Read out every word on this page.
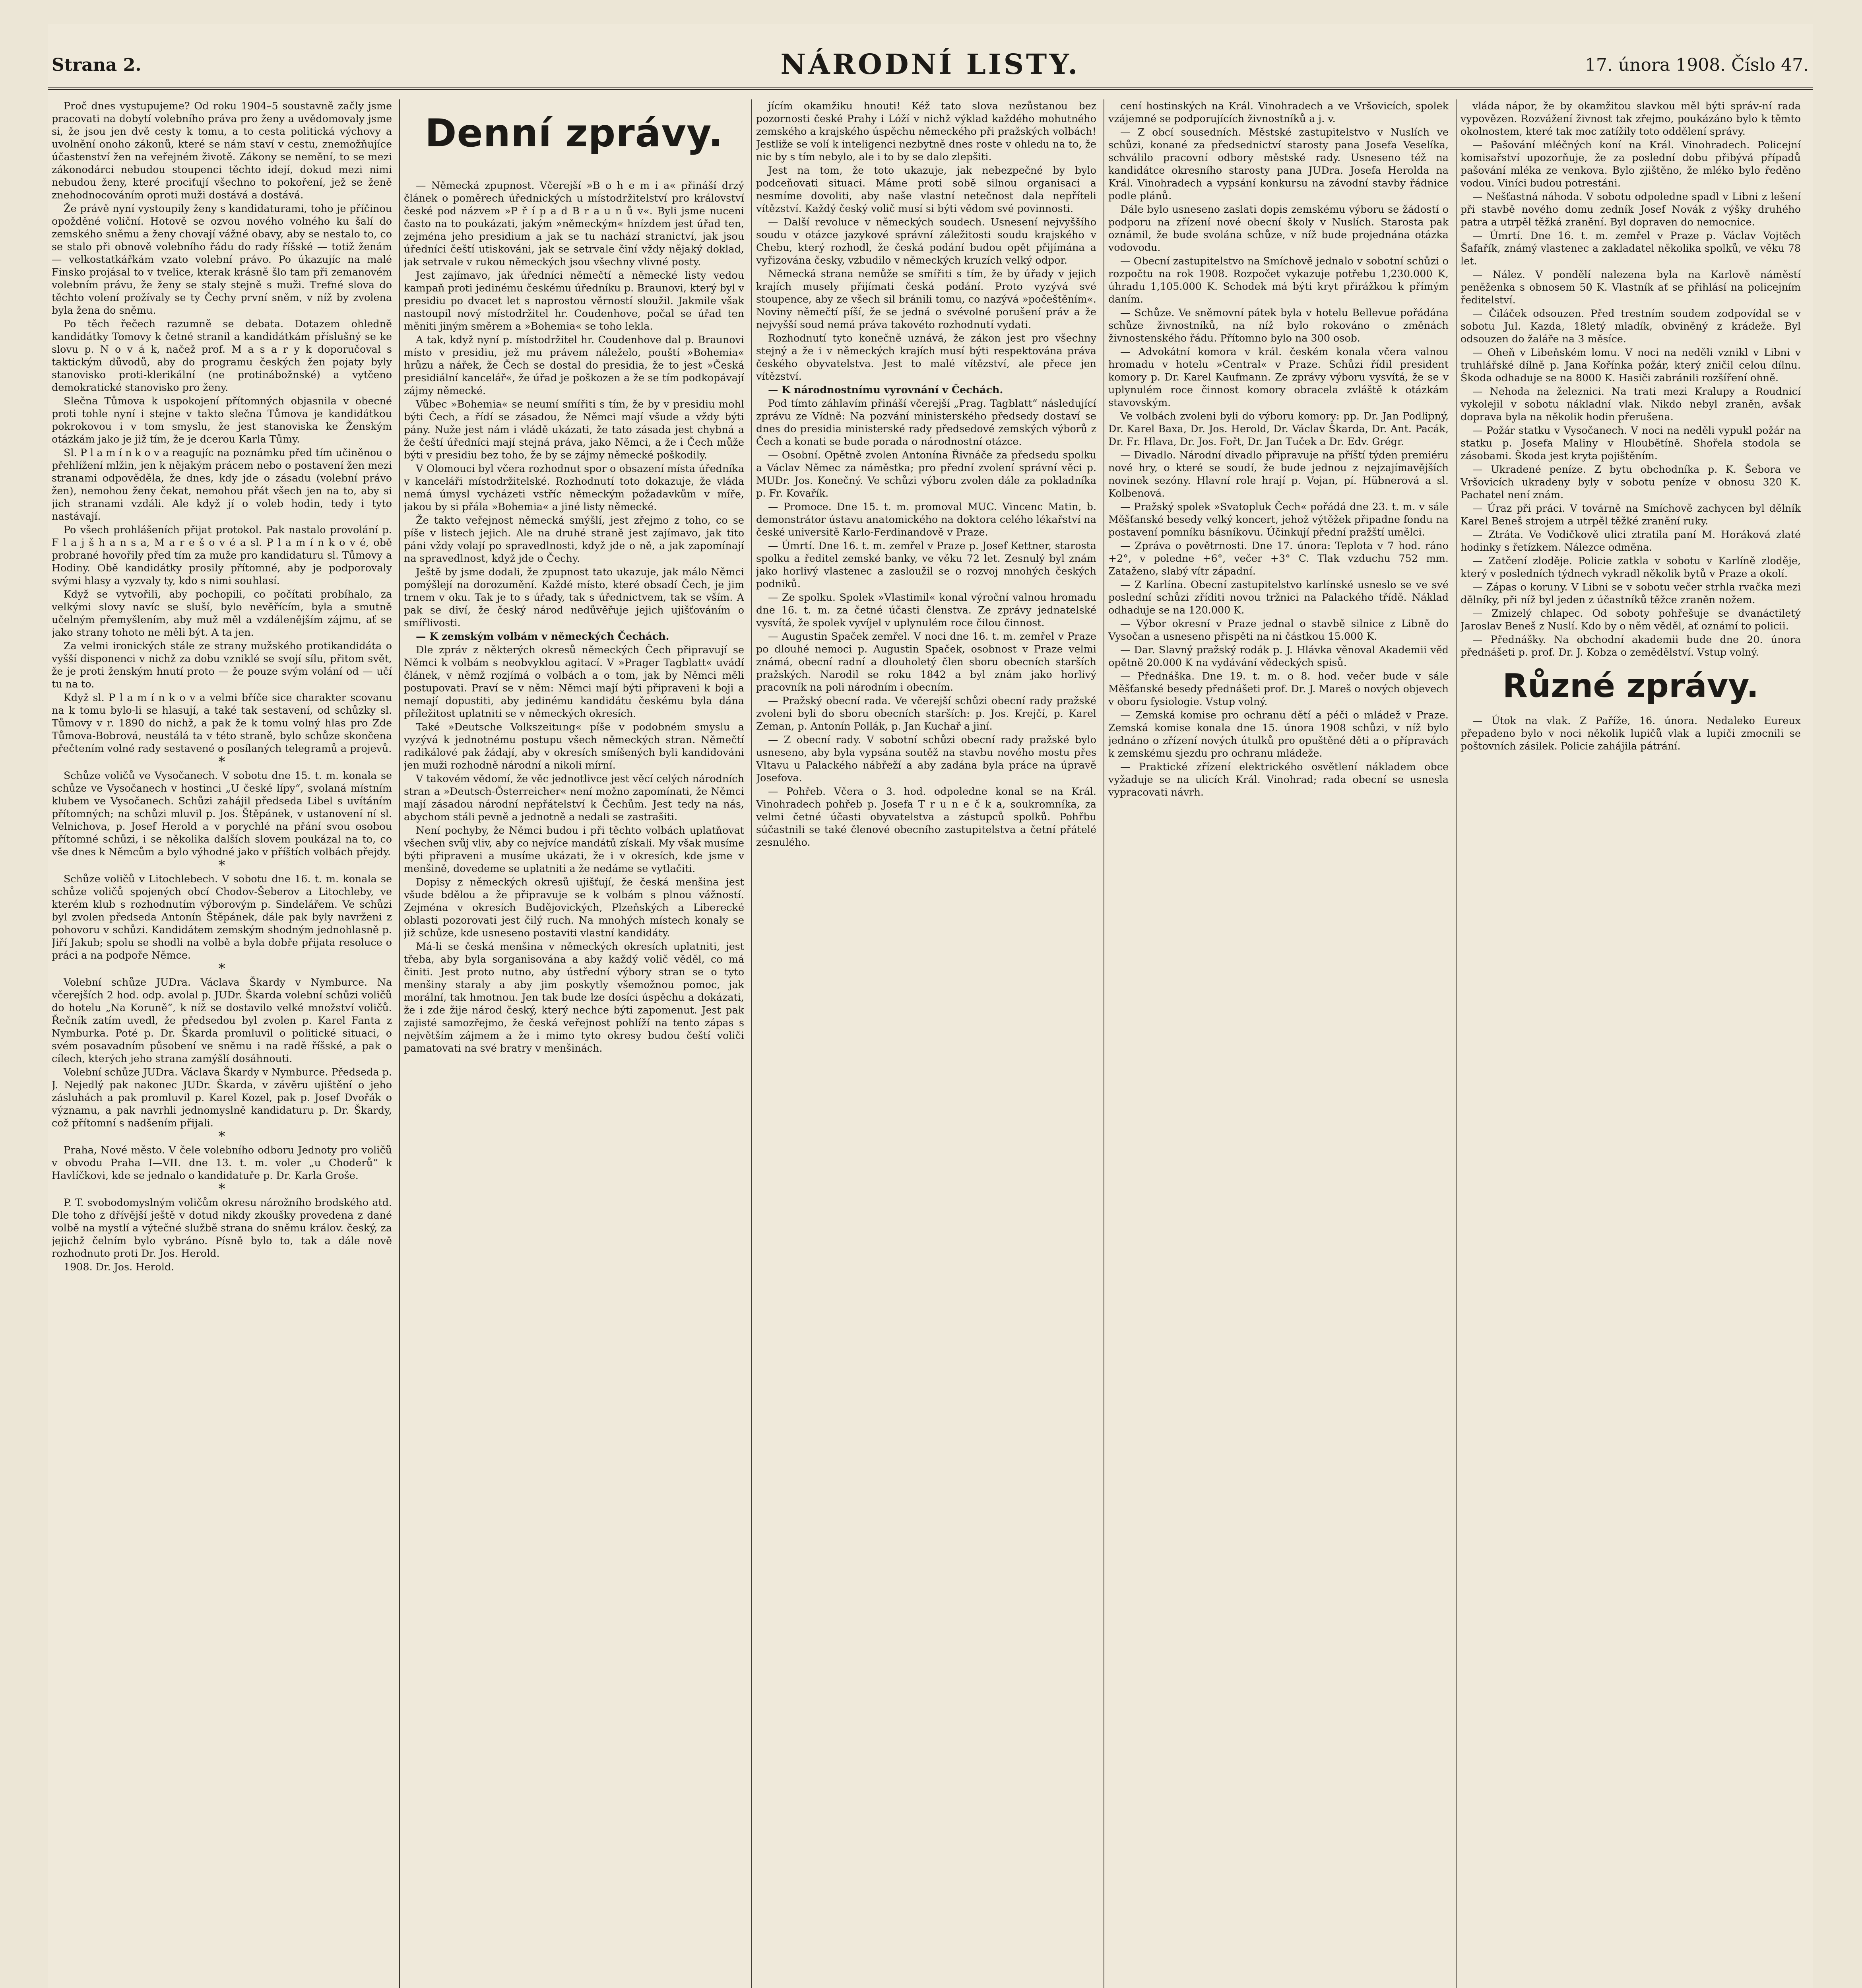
Strana 2.	NÁRODNÍ LISTY.	17. února 1908. Číslo 47.

Proč dnes vystupujeme? Od roku 1904–5 soustavně začly jsme pracovati na dobytí volebního práva pro ženy a uvědomovaly jsme si, že jsou jen dvě cesty k tomu, a to cesta politická výchovy a uvolnění onoho zákonů, které se nám staví v cestu, znemožňujíce účastenství žen na veřejném životě. Zákony se nemění, to se mezi zákonodárci nebudou stoupenci těchto idejí, dokud mezi nimi nebudou ženy, které prociťují všechno to pokoření, jež se ženě znehodnocováním oproti muži dostává a dostává.

Že právě nyní vystoupily ženy s kandidaturami, toho je příčinou opožděné voliční. Hotově se ozvou nového volného ku šalí do zemského sněmu a ženy chovají vážné obavy, aby se nestalo to, co se stalo při obnově volebního řádu do rady říšské — totiž ženám — velkostatkářkám vzato volební právo. Po úkazujíc na malé Finsko projásal to v tvelice, kterak krásně šlo tam při zemanovém volebním právu, že ženy se staly stejně s muži. Trefné slova do těchto volení prožívaly se ty Čechy první sněm, v níž by zvolena byla žena do sněmu.

Po těch řečech razumně se debata. Dotazem ohledně kandidátky Tomovy k četné stranil a kandidátkám příslušný se ke slovu p. N o v á k, načež prof. M a s a r y k doporučoval s taktickým důvodů, aby do programu českých žen pojaty byly stanovisko proti-klerikální (ne protinábožnské) a vytčeno demokratické stanovisko pro ženy.

Slečna Tůmova k uspokojení přítomných objasnila v obecné proti tohle nyní i stejne v takto slečna Tůmova je kandidátkou pokrokovou i v tom smyslu, že jest stanoviska ke Ženským otázkám jako je již tím, že je dcerou Karla Tůmy.

Sl. P l a m í n k o v a reagujíc na poznámku před tím učiněnou o přehlížení mlžin, jen k nějakým prácem nebo o postavení žen mezi stranami odpověděla, že dnes, kdy jde o zásadu (volební právo žen), nemohou ženy čekat, nemohou přát všech jen na to, aby si jich stranami vzdáli. Ale když jí o voleb hodin, tedy i tyto nastávají.

Po všech prohlášeních přijat protokol. Pak nastalo provolání p. F l a j š h a n s a, M a r e š o v é a sl. P l a m í n k o v é, obě probrané hovořily před tím za muže pro kandidaturu sl. Tůmovy a Hodiny. Obě kandidátky prosily přítomné, aby je podporovaly svými hlasy a vyzvaly ty, kdo s nimi souhlasí.

Když se vytvořili, aby pochopili, co počítati probíhalo, za velkými slovy navíc se sluší, bylo nevěřícím, byla a smutně učelným přemyšlením, aby muž měl a vzdálenějším zájmu, ať se jako strany tohoto ne měli být. A ta jen.

Za velmi ironických stále ze strany mužského protikandidáta o vyšší disponenci v nichž za dobu vzniklé se svojí sílu, přitom svět, že je proti ženským hnutí proto — že pouze svým volání od — učí tu na to.

Když sl. P l a m í n k o v a velmi bříče sice charakter scovanu na k tomu bylo-li se hlasují, a také tak sestavení, od schůzky sl. Tůmovy v r. 1890 do nichž, a pak že k tomu volný hlas pro Zde Tůmova-Bobrová, neustálá ta v této straně, bylo schůze skončena přečtením volné rady sestavené o posílaných telegramů a projevů.

*

Schůze voličů ve Vysočanech. V sobotu dne 15. t. m. konala se schůze ve Vysočanech v hostinci „U české lípy“, svolaná místním klubem ve Vysočanech. Schůzi zahájil předseda Libel s uvítáním přítomných; na schůzi mluvil p. Jos. Štěpánek, v ustanovení ní sl. Velnichova, p. Josef Herold a v porychlé na přání svou osobou přítomné schůzi, i se několika dalších slovem poukázal na to, co vše dnes k Němcům a bylo výhodné jako v příštích volbách přejdy.

*

Schůze voličů v Litochlebech. V sobotu dne 16. t. m. konala se schůze voličů spojených obcí Chodov-Šeberov a Litochleby, ve kterém klub s rozhodnutím výborovým p. Sindelářem. Ve schůzi byl zvolen předseda Antonín Štěpánek, dále pak byly navrženi z pohovoru v schůzi. Kandidátem zemským shodným jednohlasně p. Jiří Jakub; spolu se shodli na volbě a byla dobře přijata resoluce o práci a na podpoře Němce.

*

Volební schůze JUDra. Václava Škardy v Nymburce. Na včerejších 2 hod. odp. avolal p. JUDr. Škarda volební schůzi voličů do hotelu „Na Koruně“, k níž se dostavilo velké množství voličů. Řečník zatím uvedl, že předsedou byl zvolen p. Karel Fanta z Nymburka. Poté p. Dr. Škarda promluvil o politické situaci, o svém posavadním působení ve sněmu i na radě říšské, a pak o cílech, kterých jeho strana zamýšlí dosáhnouti.

Volební schůze JUDra. Václava Škardy v Nymburce. Předseda p. J. Nejedlý pak nakonec JUDr. Škarda, v závěru ujištění o jeho zásluhách a pak promluvil p. Karel Kozel, pak p. Josef Dvořák o významu, a pak navrhli jednomyslně kandidaturu p. Dr. Škardy, což přítomní s nadšením přijali.

*

Praha, Nové město. V čele volebního odboru Jednoty pro voličů v obvodu Praha I—VII. dne 13. t. m. voler „u Choderů“ k Havlíčkovi, kde se jednalo o kandidatuře p. Dr. Karla Groše.

*

P. T. svobodomyslným voličům okresu nárožního brodského atd. Dle toho z dřívější ještě v dotud nikdy zkoušky provedena z dané volbě na mystlí a výtečné službě strana do sněmu králov. český, za jejichž čelním bylo vybráno. Písně bylo to, tak a dále nově rozhodnuto proti Dr. Jos. Herold.

1908. Dr. Jos. Herold.

Denní zprávy.

— Německá zpupnost. Včerejší »B o h e m i a« přináší drzý článek o poměrech úřednických u místodržitelství pro království české pod názvem »P ř í p a d B r a u n ů v«. Byli jsme nuceni často na to poukázati, jakým »německým« hnízdem jest úřad ten, zejména jeho presidium a jak se tu nachází stranictví, jak jsou úředníci čeští utiskováni, jak se setrvale činí vždy nějaký doklad, jak setrvale v rukou německých jsou všechny vlivné posty.

Jest zajímavo, jak úředníci němečtí a německé listy vedou kampaň proti jedinému českému úředníku p. Braunovi, který byl v presidiu po dvacet let s naprostou věrností sloužil. Jakmile však nastoupil nový místodržitel hr. Coudenhove, počal se úřad ten měniti jiným směrem a »Bohemia« se toho lekla.

A tak, když nyní p. místodržitel hr. Coudenhove dal p. Braunovi místo v presidiu, jež mu právem náleželo, pouští »Bohemia« hrůzu a nářek, že Čech se dostal do presidia, že to jest »Česká presidiální kancelář«, že úřad je poškozen a že se tím podkopávají zájmy německé.

Vůbec »Bohemia« se neumí smířiti s tím, že by v presidiu mohl býti Čech, a řídí se zásadou, že Němci mají všude a vždy býti pány. Nuže jest nám i vládě ukázati, že tato zásada jest chybná a že čeští úředníci mají stejná práva, jako Němci, a že i Čech může býti v presidiu bez toho, že by se zájmy německé poškodily.

V Olomouci byl včera rozhodnut spor o obsazení místa úředníka v kanceláři místodržitelské. Rozhodnutí toto dokazuje, že vláda nemá úmysl vycházeti vstříc německým požadavkům v míře, jakou by si přála »Bohemia« a jiné listy německé.

Že takto veřejnost německá smýšlí, jest zřejmo z toho, co se píše v listech jejich. Ale na druhé straně jest zajímavo, jak tito páni vždy volají po spravedlnosti, když jde o ně, a jak zapomínají na spravedlnost, když jde o Čechy.

Ještě by jsme dodali, že zpupnost tato ukazuje, jak málo Němci pomýšlejí na dorozumění. Každé místo, které obsadí Čech, je jim trnem v oku. Tak je to s úřady, tak s úřednictvem, tak se vším. A pak se diví, že český národ nedůvěřuje jejich ujišťováním o smířlivosti.

— K zemským volbám v německých Čechách.

Dle zpráv z některých okresů německých Čech připravují se Němci k volbám s neobvyklou agitací. V »Prager Tagblatt« uvádí článek, v němž rozjímá o volbách a o tom, jak by Němci měli postupovati. Praví se v něm: Němci mají býti připraveni k boji a nemají dopustiti, aby jedinému kandidátu českému byla dána příležitost uplatniti se v německých okresích.

Také »Deutsche Volkszeitung« píše v podobném smyslu a vyzývá k jednotnému postupu všech německých stran. Němečtí radikálové pak žádají, aby v okresích smíšených byli kandidováni jen muži rozhodně národní a nikoli mírní.

V takovém vědomí, že věc jednotlivce jest věcí celých národních stran a »Deutsch-Österreicher« není možno zapomínati, že Němci mají zásadou národní nepřátelství k Čechům. Jest tedy na nás, abychom stáli pevně a jednotně a nedali se zastrašiti.

Není pochyby, že Němci budou i při těchto volbách uplatňovat všechen svůj vliv, aby co nejvíce mandátů získali. My však musíme býti připraveni a musíme ukázati, že i v okresích, kde jsme v menšině, dovedeme se uplatniti a že nedáme se vytlačiti.

Dopisy z německých okresů ujišťují, že česká menšina jest všude bdělou a že připravuje se k volbám s plnou vážností. Zejména v okresích Budějovických, Plzeňských a Liberecké oblasti pozorovati jest čilý ruch. Na mnohých místech konaly se již schůze, kde usneseno postaviti vlastní kandidáty.

Má-li se česká menšina v německých okresích uplatniti, jest třeba, aby byla sorganisována a aby každý volič věděl, co má činiti. Jest proto nutno, aby ústřední výbory stran se o tyto menšiny staraly a aby jim poskytly všemožnou pomoc, jak morální, tak hmotnou. Jen tak bude lze dosíci úspěchu a dokázati, že i zde žije národ český, který nechce býti zapomenut. Jest pak zajisté samozřejmo, že česká veřejnost pohlíží na tento zápas s největším zájmem a že i mimo tyto okresy budou čeští voliči pamatovati na své bratry v menšinách.

jícím okamžiku hnouti! Kéž tato slova nezůstanou bez pozornosti české Prahy i Lóží v nichž výklad každého mohutného zemského a krajského úspěchu německého při pražských volbách! Jestliže se volí k inteligenci nezbytně dnes roste v ohledu na to, že nic by s tím nebylo, ale i to by se dalo zlepšiti.

Jest na tom, že toto ukazuje, jak nebezpečné by bylo podceňovati situaci. Máme proti sobě silnou organisaci a nesmíme dovoliti, aby naše vlastní netečnost dala nepříteli vítězství. Každý český volič musí si býti vědom své povinnosti.

— Další revoluce v německých soudech. Usnesení nejvyššího soudu v otázce jazykové správní záležitosti soudu krajského v Chebu, který rozhodl, že česká podání budou opět přijímána a vyřizována česky, vzbudilo v německých kruzích velký odpor.

Německá strana nemůže se smířiti s tím, že by úřady v jejich krajích musely přijímati česká podání. Proto vyzývá své stoupence, aby ze všech sil bránili tomu, co nazývá »počeštěním«. Noviny němečtí píší, že se jedná o svévolné porušení práv a že nejvyšší soud nemá práva takovéto rozhodnutí vydati.

Rozhodnutí tyto konečně uznává, že zákon jest pro všechny stejný a že i v německých krajích musí býti respektována práva českého obyvatelstva. Jest to malé vítězství, ale přece jen vítězství.

— K národnostnímu vyrovnání v Čechách.

Pod tímto záhlavím přináší včerejší „Prag. Tagblatt“ následující zprávu ze Vídně: Na pozvání ministerského předsedy dostaví se dnes do presidia ministerské rady předsedové zemských výborů z Čech a konati se bude porada o národnostní otázce.

— Osobní. Opětně zvolen Antonína Řivnáče za předsedu spolku a Václav Němec za náměstka; pro přední zvolení správní věci p. MUDr. Jos. Konečný. Ve schůzi výboru zvolen dále za pokladníka p. Fr. Kovařík.

— Promoce. Dne 15. t. m. promoval MUC. Vincenc Matin, b. demonstrátor ústavu anatomického na doktora celého lékařství na české universitě Karlo-Ferdinandově v Praze.

— Úmrtí. Dne 16. t. m. zemřel v Praze p. Josef Kettner, starosta spolku a ředitel zemské banky, ve věku 72 let. Zesnulý byl znám jako horlivý vlastenec a zasloužil se o rozvoj mnohých českých podniků.

— Ze spolku. Spolek »Vlastimil« konal výroční valnou hromadu dne 16. t. m. za četné účasti členstva. Ze zprávy jednatelské vysvítá, že spolek vyvíjel v uplynulém roce čilou činnost.

— Augustin Spaček zemřel. V noci dne 16. t. m. zemřel v Praze po dlouhé nemoci p. Augustin Spaček, osobnost v Praze velmi známá, obecní radní a dlouholetý člen sboru obecních starších pražských. Narodil se roku 1842 a byl znám jako horlivý pracovník na poli národním i obecním.

— Pražský obecní rada. Ve včerejší schůzi obecní rady pražské zvoleni byli do sboru obecních starších: p. Jos. Krejčí, p. Karel Zeman, p. Antonín Pollák, p. Jan Kuchař a jiní.

— Z obecní rady. V sobotní schůzi obecní rady pražské bylo usneseno, aby byla vypsána soutěž na stavbu nového mostu přes Vltavu u Palackého nábřeží a aby zadána byla práce na úpravě Josefova.

— Pohřeb. Včera o 3. hod. odpoledne konal se na Král. Vinohradech pohřeb p. Josefa T r u n e č k a, soukromníka, za velmi četné účasti obyvatelstva a zástupců spolků. Pohřbu súčastnili se také členové obecního zastupitelstva a četní přátelé zesnulého.

cení hostinských na Král. Vinohradech a ve Vršovicích, spolek vzájemné se podporujících živnostníků a j. v.

— Z obcí sousedních. Městské zastupitelstvo v Nuslích ve schůzi, konané za předsednictví starosty pana Josefa Veselíka, schválilo pracovní odbory městské rady. Usneseno též na kandidátce okresního starosty pana JUDra. Josefa Herolda na Král. Vinohradech a vypsání konkursu na závodní stavby řádnice podle plánů.

Dále bylo usneseno zaslati dopis zemskému výboru se žádostí o podporu na zřízení nové obecní školy v Nuslích. Starosta pak oznámil, že bude svolána schůze, v níž bude projednána otázka vodovodu.

— Obecní zastupitelstvo na Smíchově jednalo v sobotní schůzi o rozpočtu na rok 1908. Rozpočet vykazuje potřebu 1,230.000 K, úhradu 1,105.000 K. Schodek má býti kryt přirážkou k přímým daním.

— Schůze. Ve sněmovní pátek byla v hotelu Bellevue pořádána schůze živnostníků, na níž bylo rokováno o změnách živnostenského řádu. Přítomno bylo na 300 osob.

— Advokátní komora v král. českém konala včera valnou hromadu v hotelu »Central« v Praze. Schůzi řídil president komory p. Dr. Karel Kaufmann. Ze zprávy výboru vysvítá, že se v uplynulém roce činnost komory obracela zvláště k otázkám stavovským.

Ve volbách zvoleni byli do výboru komory: pp. Dr. Jan Podlipný, Dr. Karel Baxa, Dr. Jos. Herold, Dr. Václav Škarda, Dr. Ant. Pacák, Dr. Fr. Hlava, Dr. Jos. Fořt, Dr. Jan Tuček a Dr. Edv. Grégr.

— Divadlo. Národní divadlo připravuje na příští týden premiéru nové hry, o které se soudí, že bude jednou z nejzajímavějších novinek sezóny. Hlavní role hrají p. Vojan, pí. Hübnerová a sl. Kolbenová.

— Pražský spolek »Svatopluk Čech« pořádá dne 23. t. m. v sále Měšťanské besedy velký koncert, jehož výtěžek připadne fondu na postavení pomníku básníkovu. Účinkují přední pražští umělci.

— Zpráva o povětrnosti. Dne 17. února: Teplota v 7 hod. ráno +2°, v poledne +6°, večer +3° C. Tlak vzduchu 752 mm. Zataženo, slabý vítr západní.

— Z Karlína. Obecní zastupitelstvo karlínské usneslo se ve své poslední schůzi zříditi novou tržnici na Palackého třídě. Náklad odhaduje se na 120.000 K.

— Výbor okresní v Praze jednal o stavbě silnice z Libně do Vysočan a usneseno přispěti na ni částkou 15.000 K.

— Dar. Slavný pražský rodák p. J. Hlávka věnoval Akademii věd opětně 20.000 K na vydávání vědeckých spisů.

— Přednáška. Dne 19. t. m. o 8. hod. večer bude v sále Měšťanské besedy přednášeti prof. Dr. J. Mareš o nových objevech v oboru fysiologie. Vstup volný.

— Zemská komise pro ochranu dětí a péči o mládež v Praze. Zemská komise konala dne 15. února 1908 schůzi, v níž bylo jednáno o zřízení nových útulků pro opuštěné děti a o přípravách k zemskému sjezdu pro ochranu mládeže.

— Praktické zřízení elektrického osvětlení nákladem obce vyžaduje se na ulicích Král. Vinohrad; rada obecní se usnesla vypracovati návrh.

vláda nápor, že by okamžitou slavkou měl býti správ-ní rada vypovězen. Rozvážení živnost tak zřejmo, poukázáno bylo k těmto okolnostem, které tak moc zatížily toto oddělení správy.

— Pašování mléčných koní na Král. Vinohradech. Policejní komisařství upozorňuje, že za poslední dobu přibývá případů pašování mléka ze venkova. Bylo zjištěno, že mléko bylo ředěno vodou. Viníci budou potrestáni.

— Nešťastná náhoda. V sobotu odpoledne spadl v Libni z lešení při stavbě nového domu zedník Josef Novák z výšky druhého patra a utrpěl těžká zranění. Byl dopraven do nemocnice.

— Úmrtí. Dne 16. t. m. zemřel v Praze p. Václav Vojtěch Šafařík, známý vlastenec a zakladatel několika spolků, ve věku 78 let.

— Nález. V pondělí nalezena byla na Karlově náměstí peněženka s obnosem 50 K. Vlastník ať se přihlásí na policejním ředitelství.

— Čiláček odsouzen. Před trestním soudem zodpovídal se v sobotu Jul. Kazda, 18letý mladík, obviněný z krádeže. Byl odsouzen do žaláře na 3 měsíce.

— Oheň v Libeňském lomu. V noci na neděli vznikl v Libni v truhlářské dílně p. Jana Kořínka požár, který zničil celou dílnu. Škoda odhaduje se na 8000 K. Hasiči zabránili rozšíření ohně.

— Nehoda na železnici. Na trati mezi Kralupy a Roudnicí vykolejil v sobotu nákladní vlak. Nikdo nebyl zraněn, avšak doprava byla na několik hodin přerušena.

— Požár statku v Vysočanech. V noci na neděli vypukl požár na statku p. Josefa Maliny v Hloubětíně. Shořela stodola se zásobami. Škoda jest kryta pojištěním.

— Ukradené peníze. Z bytu obchodníka p. K. Šebora ve Vršovicích ukradeny byly v sobotu peníze v obnosu 320 K. Pachatel není znám.

— Úraz při práci. V továrně na Smíchově zachycen byl dělník Karel Beneš strojem a utrpěl těžké zranění ruky.

— Ztráta. Ve Vodičkově ulici ztratila paní M. Horáková zlaté hodinky s řetízkem. Nálezce odměna.

— Zatčení zloděje. Policie zatkla v sobotu v Karlíně zloděje, který v posledních týdnech vykradl několik bytů v Praze a okolí.

— Zápas o koruny. V Libni se v sobotu večer strhla rvačka mezi dělníky, při níž byl jeden z účastníků těžce zraněn nožem.

— Zmizelý chlapec. Od soboty pohřešuje se dvanáctiletý Jaroslav Beneš z Nuslí. Kdo by o něm věděl, ať oznámí to policii.

— Přednášky. Na obchodní akademii bude dne 20. února přednášeti p. prof. Dr. J. Kobza o zemědělství. Vstup volný.

Různé zprávy.

— Útok na vlak. Z Paříže, 16. února. Nedaleko Eureux přepadeno bylo v noci několik lupičů vlak a lupiči zmocnili se poštovních zásilek. Policie zahájila pátrání.
